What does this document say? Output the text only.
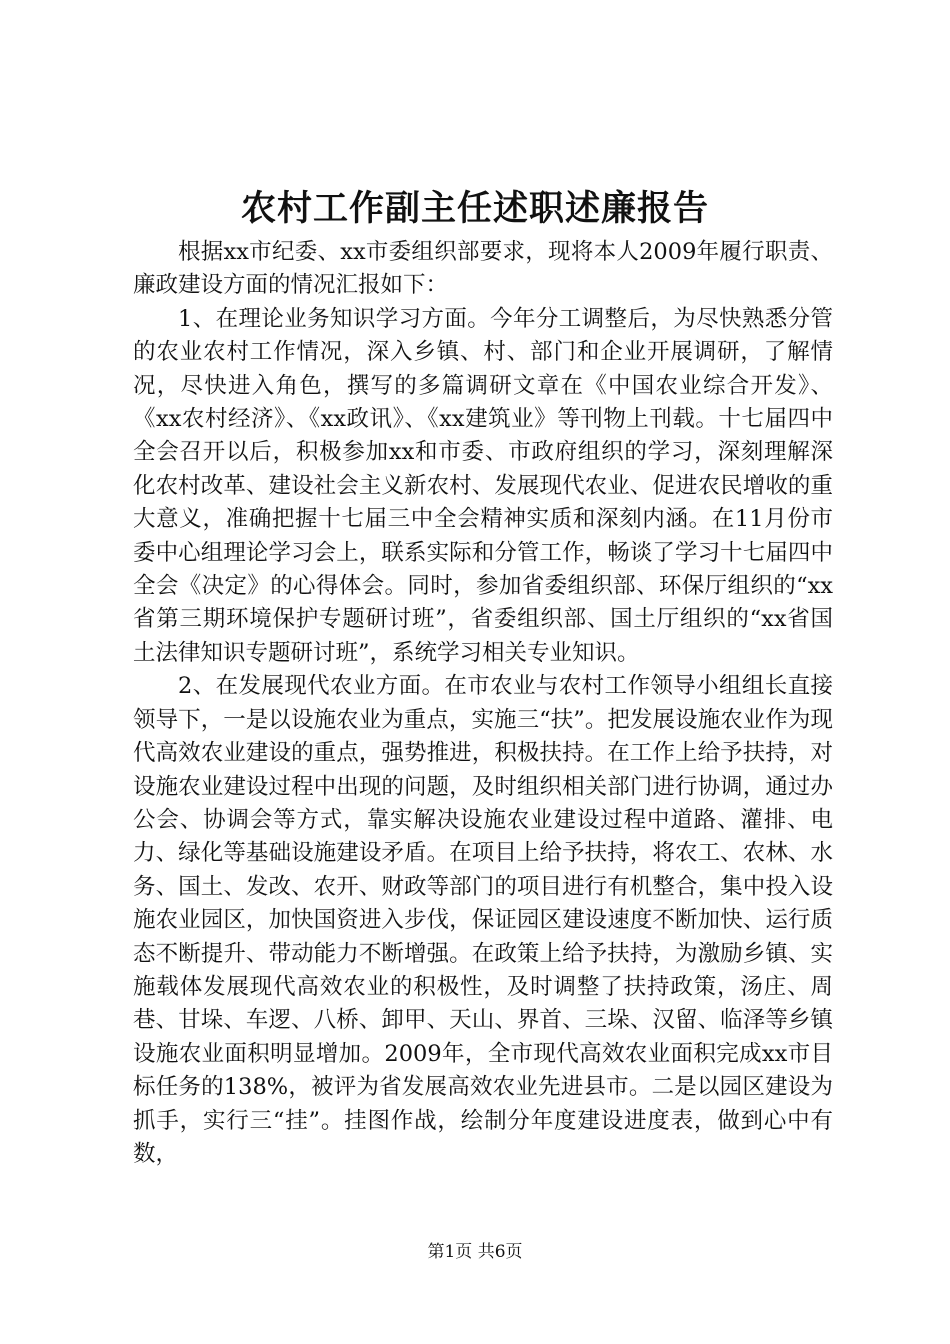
农村工作副主任述职述廉报告

根据xx市纪委、xx市委组织部要求，现将本人2009年履行职责、廉政建设方面的情况汇报如下：

1、在理论业务知识学习方面。今年分工调整后，为尽快熟悉分管的农业农村工作情况，深入乡镇、村、部门和企业开展调研，了解情况，尽快进入角色，撰写的多篇调研文章在《中国农业综合开发》、《xx农村经济》、《xx政讯》、《xx建筑业》等刊物上刊载。十七届四中全会召开以后，积极参加xx和市委、市政府组织的学习，深刻理解深化农村改革、建设社会主义新农村、发展现代农业、促进农民增收的重大意义，准确把握十七届三中全会精神实质和深刻内涵。在11月份市委中心组理论学习会上，联系实际和分管工作，畅谈了学习十七届四中全会《决定》的心得体会。同时，参加省委组织部、环保厅组织的“xx省第三期环境保护专题研讨班”，省委组织部、国土厅组织的“xx省国土法律知识专题研讨班”，系统学习相关专业知识。

2、在发展现代农业方面。在市农业与农村工作领导小组组长直接领导下，一是以设施农业为重点，实施三“扶”。把发展设施农业作为现代高效农业建设的重点，强势推进，积极扶持。在工作上给予扶持，对设施农业建设过程中出现的问题，及时组织相关部门进行协调，通过办公会、协调会等方式，靠实解决设施农业建设过程中道路、灌排、电力、绿化等基础设施建设矛盾。在项目上给予扶持，将农工、农林、水务、国土、发改、农开、财政等部门的项目进行有机整合，集中投入设施农业园区，加快国资进入步伐，保证园区建设速度不断加快、运行质态不断提升、带动能力不断增强。在政策上给予扶持，为激励乡镇、实施载体发展现代高效农业的积极性，及时调整了扶持政策，汤庄、周巷、甘垛、车逻、八桥、卸甲、天山、界首、三垛、汉留、临泽等乡镇设施农业面积明显增加。2009年，全市现代高效农业面积完成xx市目标任务的138%，被评为省发展高效农业先进县市。二是以园区建设为抓手，实行三“挂”。挂图作战，绘制分年度建设进度表，做到心中有数，

第1页 共6页
